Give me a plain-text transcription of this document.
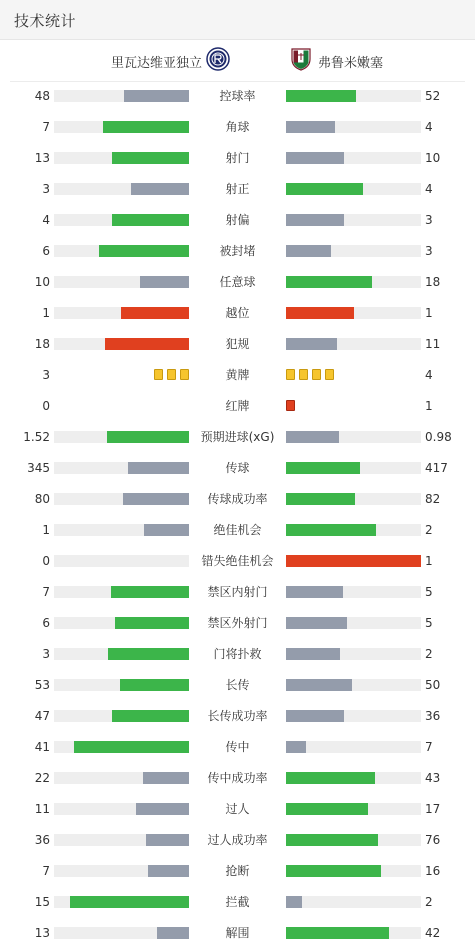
技术统计
里瓦达维亚独立	弗鲁米嫩塞
48	控球率	52
7	角球	4
13	射门	10
3	射正	4
4	射偏	3
6	被封堵	3
10	任意球	18
1	越位	1
18	犯规	11
3	黄牌	4
0	红牌	1
1.52	预期进球(xG)	0.98
345	传球	417
80	传球成功率	82
1	绝佳机会	2
0	错失绝佳机会	1
7	禁区内射门	5
6	禁区外射门	5
3	门将扑救	2
53	长传	50
47	长传成功率	36
41	传中	7
22	传中成功率	43
11	过人	17
36	过人成功率	76
7	抢断	16
15	拦截	2
13	解围	42
